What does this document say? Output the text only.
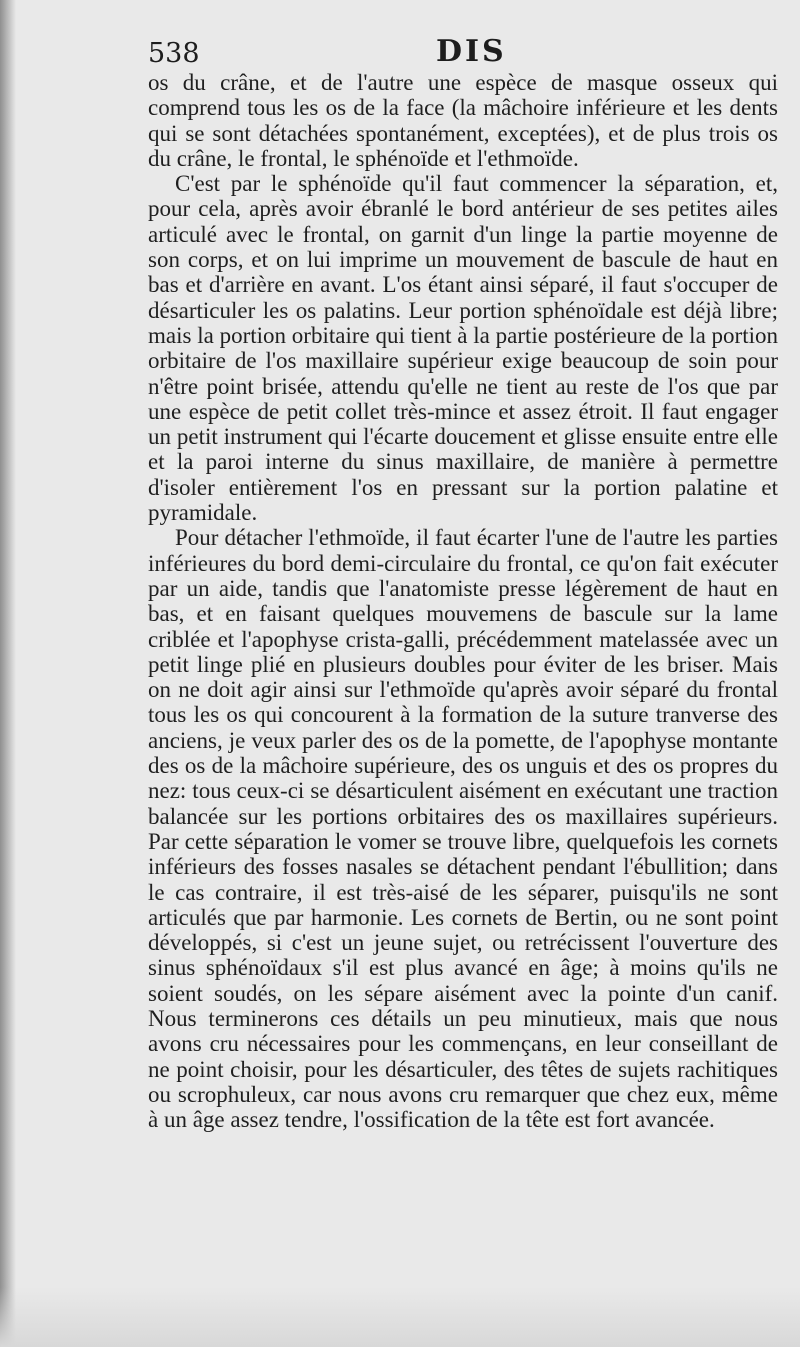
538	DIS

os du crâne, et de l'autre une espèce de masque osseux qui comprend tous les os de la face (la mâchoire inférieure et les dents qui se sont détachées spontanément, exceptées), et de plus trois os du crâne, le frontal, le sphénoïde et l'ethmoïde.

C'est par le sphénoïde qu'il faut commencer la séparation, et, pour cela, après avoir ébranlé le bord antérieur de ses petites ailes articulé avec le frontal, on garnit d'un linge la partie moyenne de son corps, et on lui imprime un mouvement de bascule de haut en bas et d'arrière en avant. L'os étant ainsi séparé, il faut s'occuper de désarticuler les os palatins. Leur portion sphénoïdale est déjà libre; mais la portion orbitaire qui tient à la partie postérieure de la portion orbitaire de l'os maxillaire supérieur exige beaucoup de soin pour n'être point brisée, attendu qu'elle ne tient au reste de l'os que par une espèce de petit collet très-mince et assez étroit. Il faut engager un petit instrument qui l'écarte doucement et glisse ensuite entre elle et la paroi interne du sinus maxillaire, de manière à permettre d'isoler entièrement l'os en pressant sur la portion palatine et pyramidale.

Pour détacher l'ethmoïde, il faut écarter l'une de l'autre les parties inférieures du bord demi-circulaire du frontal, ce qu'on fait exécuter par un aide, tandis que l'anatomiste presse légèrement de haut en bas, et en faisant quelques mouvemens de bascule sur la lame criblée et l'apophyse crista-galli, précédemment matelassée avec un petit linge plié en plusieurs doubles pour éviter de les briser. Mais on ne doit agir ainsi sur l'ethmoïde qu'après avoir séparé du frontal tous les os qui concourent à la formation de la suture tranverse des anciens, je veux parler des os de la pomette, de l'apophyse montante des os de la mâchoire supérieure, des os unguis et des os propres du nez: tous ceux-ci se désarticulent aisément en exécutant une traction balancée sur les portions orbitaires des os maxillaires supérieurs. Par cette séparation le vomer se trouve libre, quelquefois les cornets inférieurs des fosses nasales se détachent pendant l'ébullition; dans le cas contraire, il est très-aisé de les séparer, puisqu'ils ne sont articulés que par harmonie. Les cornets de Bertin, ou ne sont point développés, si c'est un jeune sujet, ou retrécissent l'ouverture des sinus sphénoïdaux s'il est plus avancé en âge; à moins qu'ils ne soient soudés, on les sépare aisément avec la pointe d'un canif. Nous terminerons ces détails un peu minutieux, mais que nous avons cru nécessaires pour les commençans, en leur conseillant de ne point choisir, pour les désarticuler, des têtes de sujets rachitiques ou scrophuleux, car nous avons cru remarquer que chez eux, même à un âge assez tendre, l'ossification de la tête est fort avancée.
